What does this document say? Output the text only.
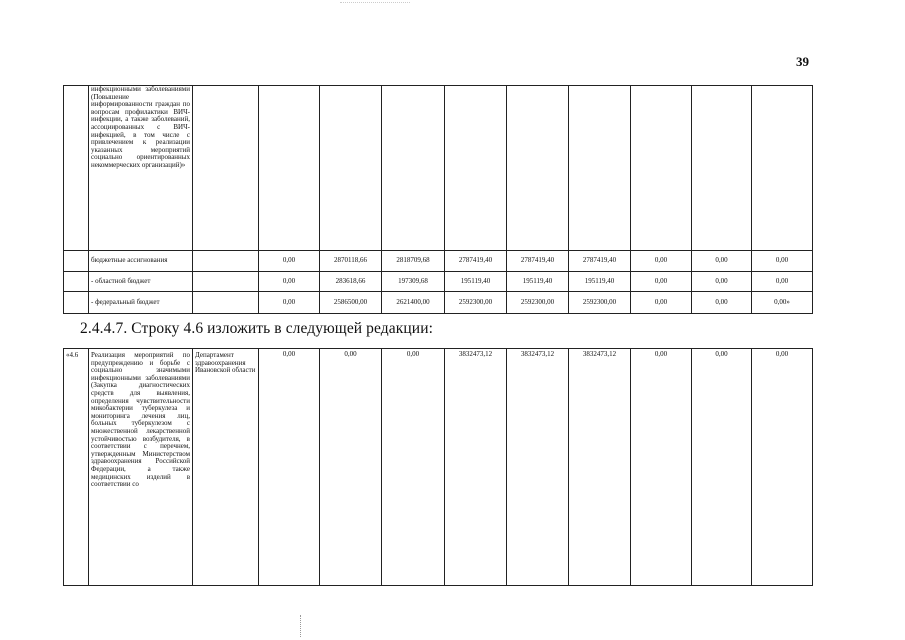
39
	инфекционными заболеваниями (Повышение информированности граждан по вопросам профилактики ВИЧ-инфекции, а также заболеваний, ассоциированных с ВИЧ-инфекцией, в том числе с привлечением к реализации указанных мероприятий социально ориентированных некоммерческих организаций)»										
	бюджетные ассигнования		0,00	2870118,66	2818709,68	2787419,40	2787419,40	2787419,40	0,00	0,00	0,00
	- областной бюджет		0,00	283618,66	197309,68	195119,40	195119,40	195119,40	0,00	0,00	0,00
	- федеральный бюджет		0,00	2586500,00	2621400,00	2592300,00	2592300,00	2592300,00	0,00	0,00	0,00»
2.4.4.7. Строку 4.6 изложить в следующей редакции:
«4.6	Реализация мероприятий по предупреждению и борьбе с социально значимыми инфекционными заболеваниями (Закупка диагностических средств для выявления, определения чувствительности микобактерии туберкулеза и мониторинга лечения лиц, больных туберкулезом с множественной лекарственной устойчивостью возбудителя, в соответствии с перечнем, утвержденным Министерством здравоохранения Российской Федерации, а также медицинских изделий в соответствии со	Департамент здравоохранения Ивановской области	0,00	0,00	0,00	3832473,12	3832473,12	3832473,12	0,00	0,00	0,00
